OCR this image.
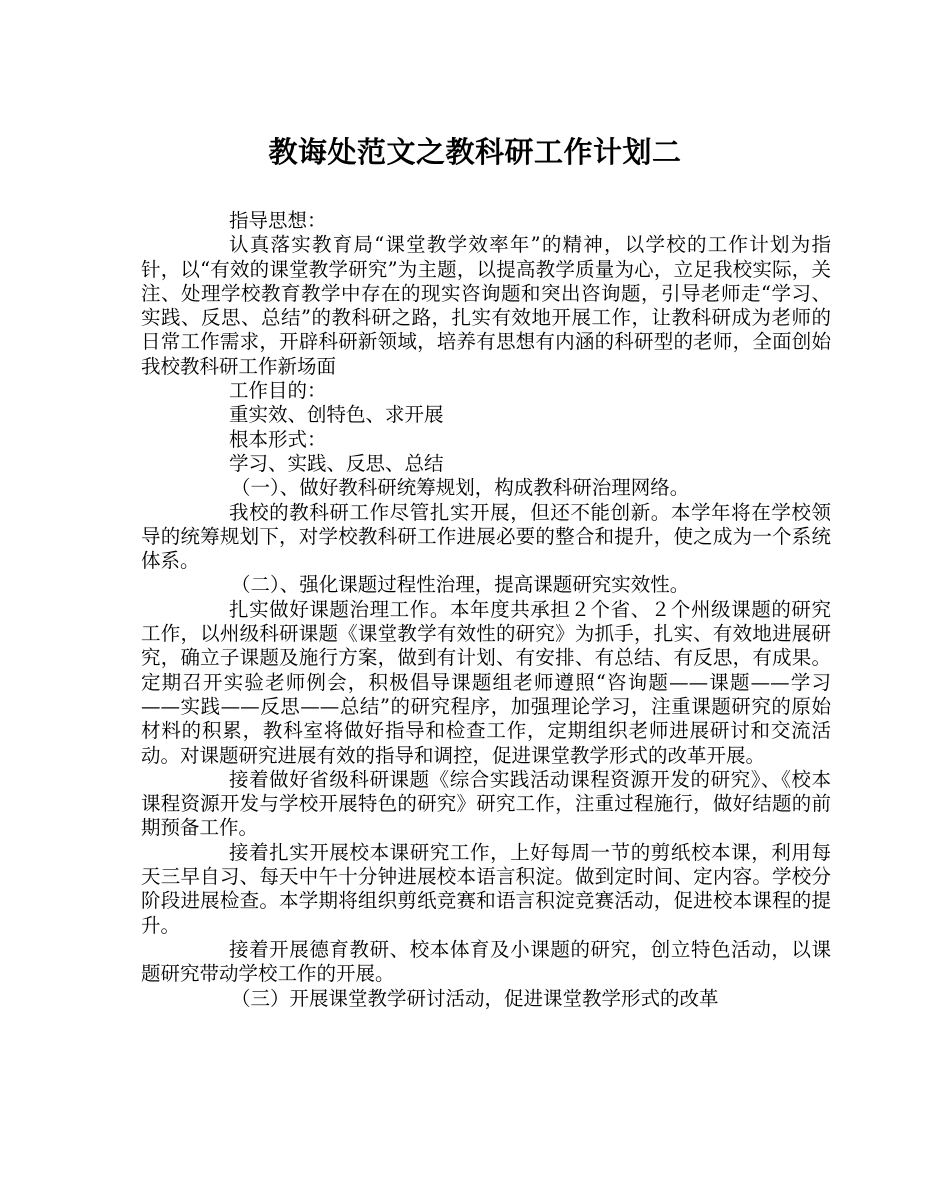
教诲处范文之教科研工作计划二

指导思想：

认真落实教育局“课堂教学效率年”的精神，以学校的工作计划为指针，以“有效的课堂教学研究”为主题，以提高教学质量为心，立足我校实际，关注、处理学校教育教学中存在的现实咨询题和突出咨询题，引导老师走“学习、实践、反思、总结”的教科研之路，扎实有效地开展工作，让教科研成为老师的日常工作需求，开辟科研新领域，培养有思想有内涵的科研型的老师，全面创始我校教科研工作新场面

工作目的：

重实效、创特色、求开展

根本形式：

学习、实践、反思、总结

（一）、做好教科研统筹规划，构成教科研治理网络。

我校的教科研工作尽管扎实开展，但还不能创新。本学年将在学校领导的统筹规划下，对学校教科研工作进展必要的整合和提升，使之成为一个系统体系。

（二）、强化课题过程性治理，提高课题研究实效性。

扎实做好课题治理工作。本年度共承担２个省、２个州级课题的研究工作，以州级科研课题《课堂教学有效性的研究》为抓手，扎实、有效地进展研究，确立子课题及施行方案，做到有计划、有安排、有总结、有反思，有成果。定期召开实验老师例会，积极倡导课题组老师遵照“咨询题——课题——学习——实践——反思——总结”的研究程序，加强理论学习，注重课题研究的原始材料的积累，教科室将做好指导和检查工作，定期组织老师进展研讨和交流活动。对课题研究进展有效的指导和调控，促进课堂教学形式的改革开展。

接着做好省级科研课题《综合实践活动课程资源开发的研究》、《校本课程资源开发与学校开展特色的研究》研究工作，注重过程施行，做好结题的前期预备工作。

接着扎实开展校本课研究工作，上好每周一节的剪纸校本课，利用每天三早自习、每天中午十分钟进展校本语言积淀。做到定时间、定内容。学校分阶段进展检查。本学期将组织剪纸竞赛和语言积淀竞赛活动，促进校本课程的提升。

接着开展德育教研、校本体育及小课题的研究，创立特色活动，以课题研究带动学校工作的开展。

（三）开展课堂教学研讨活动，促进课堂教学形式的改革
